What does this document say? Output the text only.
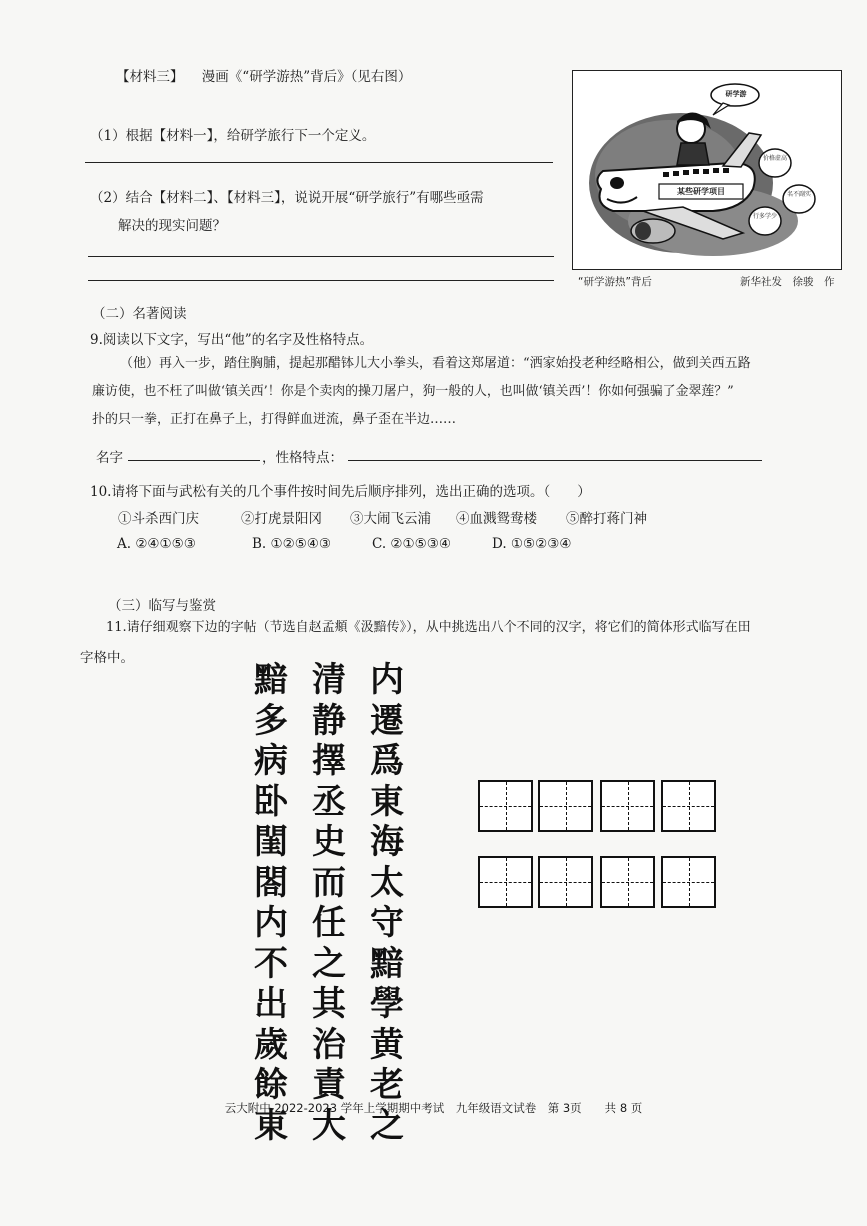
【材料三】 漫画《“研学游热”背后》（见右图）
（1）根据【材料一】，给研学旅行下一个定义。
（2）结合【材料二】、【材料三】，说说开展“研学旅行”有哪些亟需
解决的现实问题？
研学游
某些研学项目
价格虚高
名不副实
行多学少
“研学游热”背后	新华社发　徐骏　作
（二）名著阅读
9.阅读以下文字，写出“他”的名字及性格特点。
（他）再入一步，踏住胸脯，提起那醋钵儿大小拳头，看着这郑屠道：“洒家始投老种经略相公，做到关西五路
廉访使，也不枉了叫做‘镇关西’！你是个卖肉的操刀屠户，狗一般的人，也叫做‘镇关西’！你如何强骗了金翠莲？”
扑的只一拳，正打在鼻子上，打得鲜血迸流，鼻子歪在半边……
名字	，性格特点：
10.请将下面与武松有关的几个事件按时间先后顺序排列，选出正确的选项。（　　）
①斗杀西门庆	②打虎景阳冈 ③大闹飞云浦 ④血溅鸳鸯楼 ⑤醉打蒋门神
A. ②④①⑤③	B. ①②⑤④③	C. ②①⑤③④	D. ①⑤②③④
（三）临写与鉴赏
11.请仔细观察下边的字帖（节选自赵孟頫《汲黯传》），从中挑选出八个不同的汉字，将它们的简体形式临写在田
字格中。
内
遷
爲
東
海
太
守
黯
學
黄
老
之
清
静
擇
丞
史
而
任
之
其
治
責
大
黯
多
病
卧
閨
閤
内
不
出
歲
餘
東
云大附中 2022-2023 学年上学期期中考试　九年级语文试卷　第 3页　　共 8 页
